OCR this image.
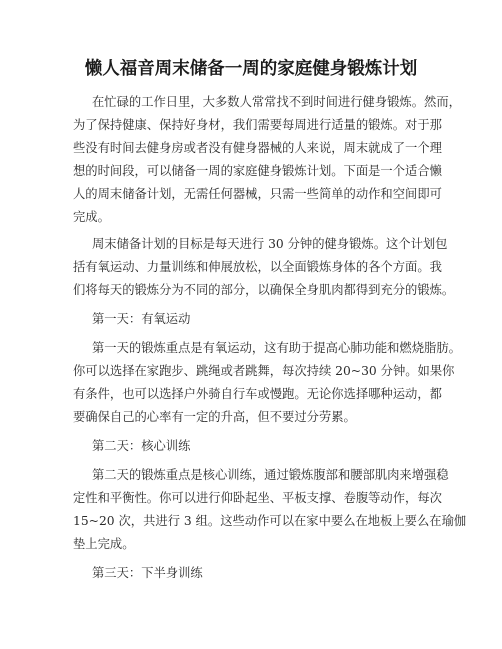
懒人福音周末储备一周的家庭健身锻炼计划
在忙碌的工作日里，大多数人常常找不到时间进行健身锻炼。然而，
为了保持健康、保持好身材，我们需要每周进行适量的锻炼。对于那
些没有时间去健身房或者没有健身器械的人来说，周末就成了一个理
想的时间段，可以储备一周的家庭健身锻炼计划。下面是一个适合懒
人的周末储备计划，无需任何器械，只需一些简单的动作和空间即可
完成。
周末储备计划的目标是每天进行 30 分钟的健身锻炼。这个计划包
括有氧运动、力量训练和伸展放松，以全面锻炼身体的各个方面。我
们将每天的锻炼分为不同的部分，以确保全身肌肉都得到充分的锻炼。
第一天：有氧运动
第一天的锻炼重点是有氧运动，这有助于提高心肺功能和燃烧脂肪。
你可以选择在家跑步、跳绳或者跳舞，每次持续 20~30 分钟。如果你
有条件，也可以选择户外骑自行车或慢跑。无论你选择哪种运动，都
要确保自己的心率有一定的升高，但不要过分劳累。
第二天：核心训练
第二天的锻炼重点是核心训练，通过锻炼腹部和腰部肌肉来增强稳
定性和平衡性。你可以进行仰卧起坐、平板支撑、卷腹等动作，每次
15~20 次，共进行 3 组。这些动作可以在家中要么在地板上要么在瑜伽
垫上完成。
第三天：下半身训练
